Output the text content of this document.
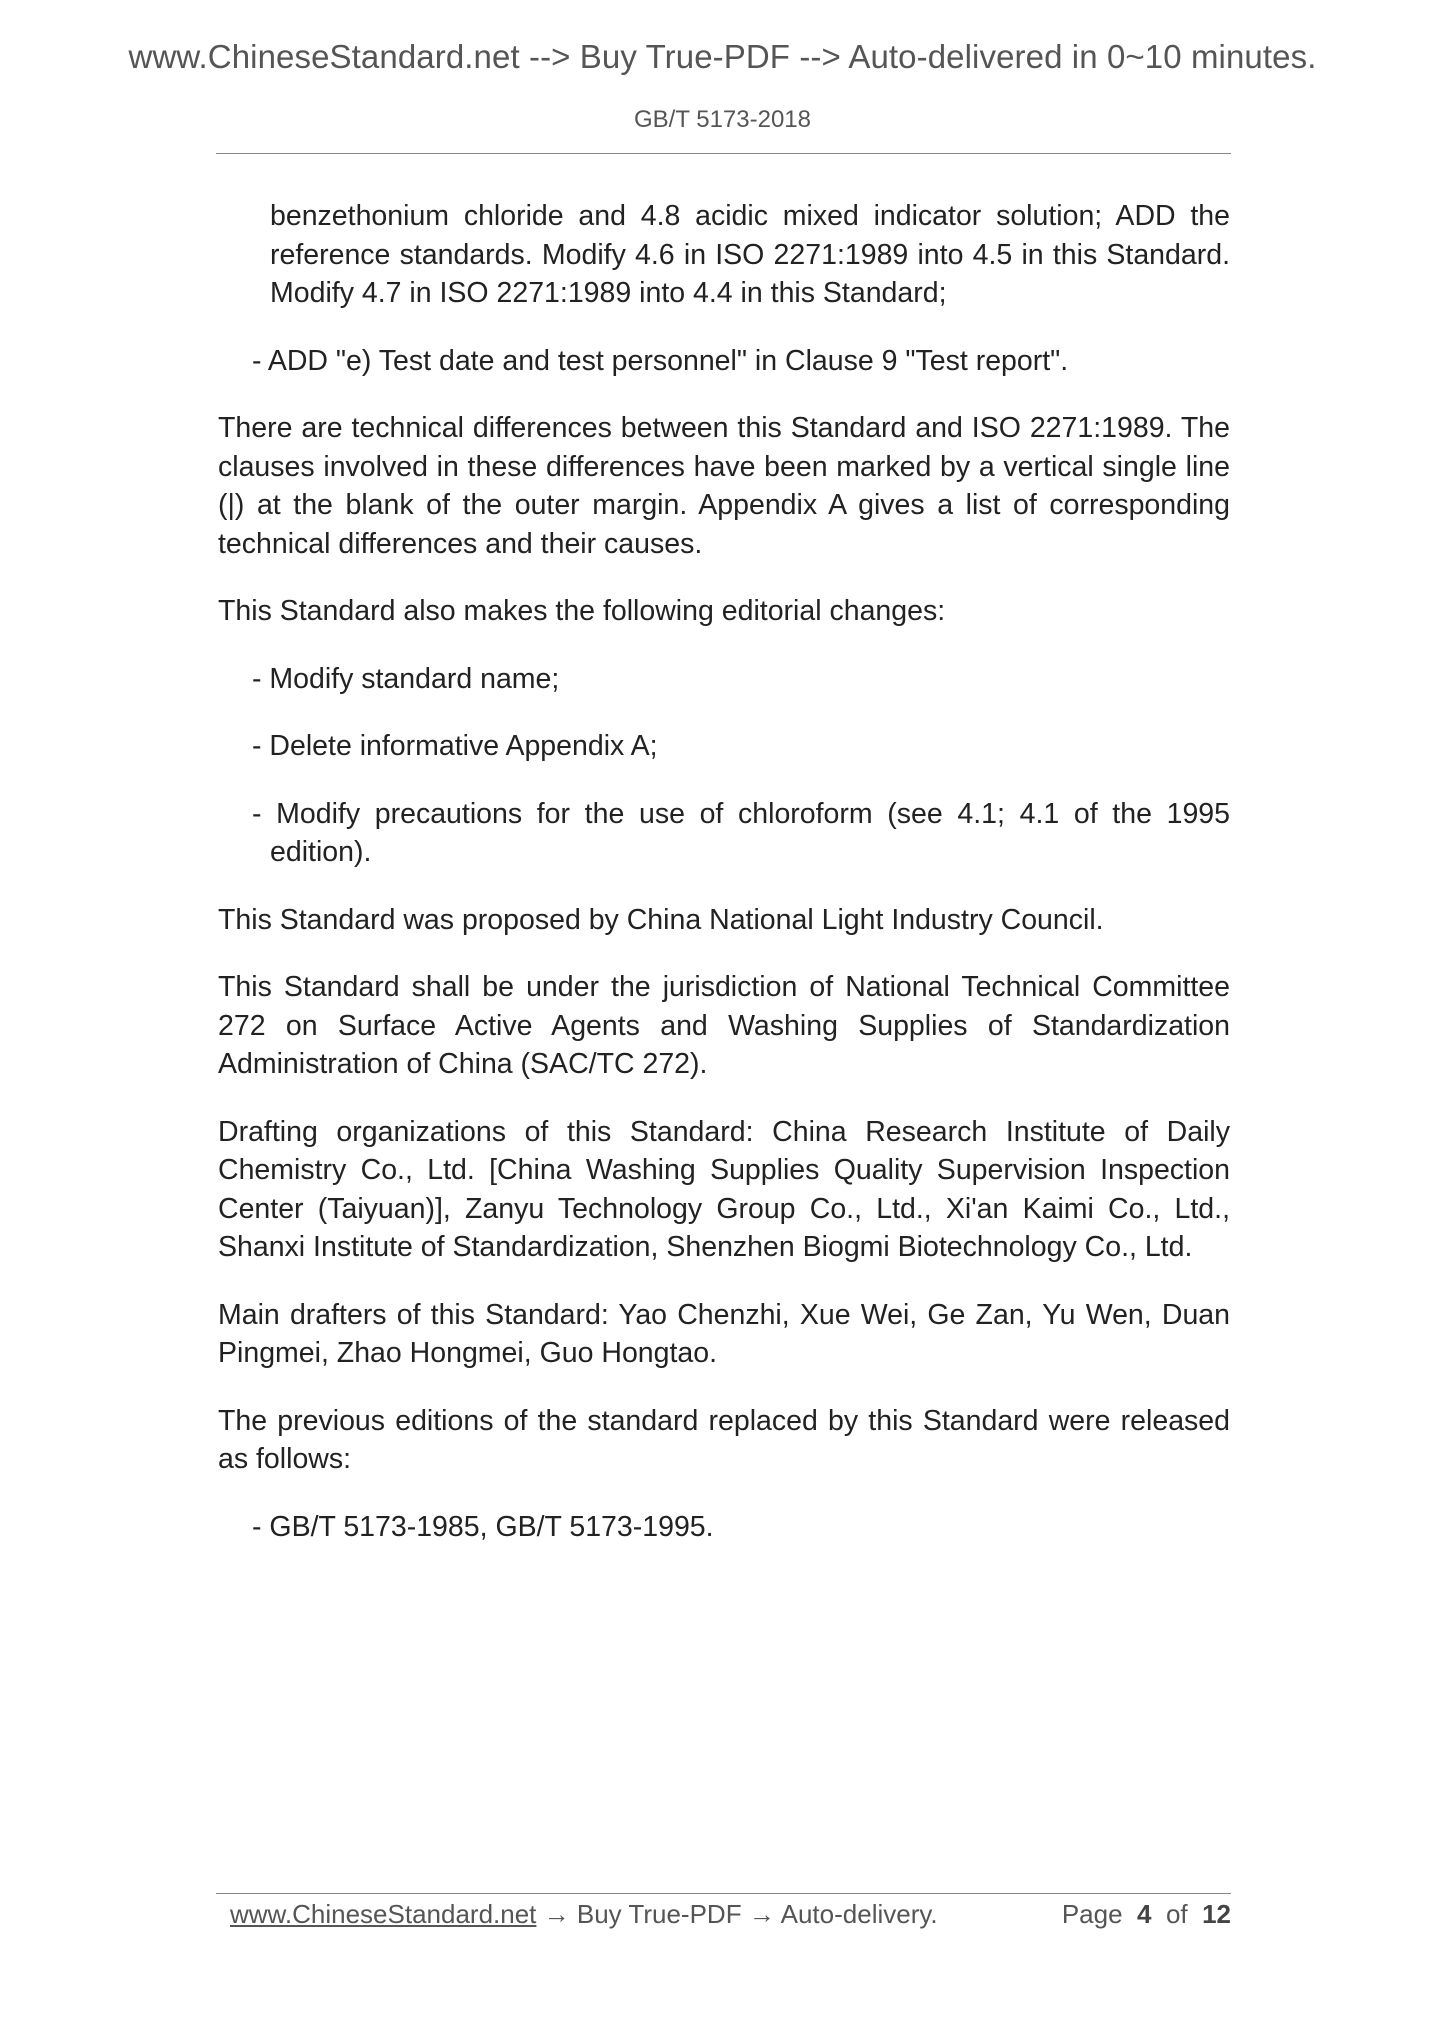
www.ChineseStandard.net --> Buy True-PDF --> Auto-delivered in 0~10 minutes.
GB/T 5173-2018

benzethonium chloride and 4.8 acidic mixed indicator solution; ADD the reference standards. Modify 4.6 in ISO 2271:1989 into 4.5 in this Standard. Modify 4.7 in ISO 2271:1989 into 4.4 in this Standard;

- ADD "e) Test date and test personnel" in Clause 9 "Test report".

There are technical differences between this Standard and ISO 2271:1989. The clauses involved in these differences have been marked by a vertical single line (|) at the blank of the outer margin. Appendix A gives a list of corresponding technical differences and their causes.

This Standard also makes the following editorial changes:

- Modify standard name;

- Delete informative Appendix A;

- Modify precautions for the use of chloroform (see 4.1; 4.1 of the 1995 edition).

This Standard was proposed by China National Light Industry Council.

This Standard shall be under the jurisdiction of National Technical Committee 272 on Surface Active Agents and Washing Supplies of Standardization Administration of China (SAC/TC 272).

Drafting organizations of this Standard: China Research Institute of Daily Chemistry Co., Ltd. [China Washing Supplies Quality Supervision Inspection Center (Taiyuan)], Zanyu Technology Group Co., Ltd., Xi'an Kaimi Co., Ltd., Shanxi Institute of Standardization, Shenzhen Biogmi Biotechnology Co., Ltd.

Main drafters of this Standard: Yao Chenzhi, Xue Wei, Ge Zan, Yu Wen, Duan Pingmei, Zhao Hongmei, Guo Hongtao.

The previous editions of the standard replaced by this Standard were released as follows:

- GB/T 5173-1985, GB/T 5173-1995.

www.ChineseStandard.net → Buy True-PDF → Auto-delivery.	Page 4 of 12
